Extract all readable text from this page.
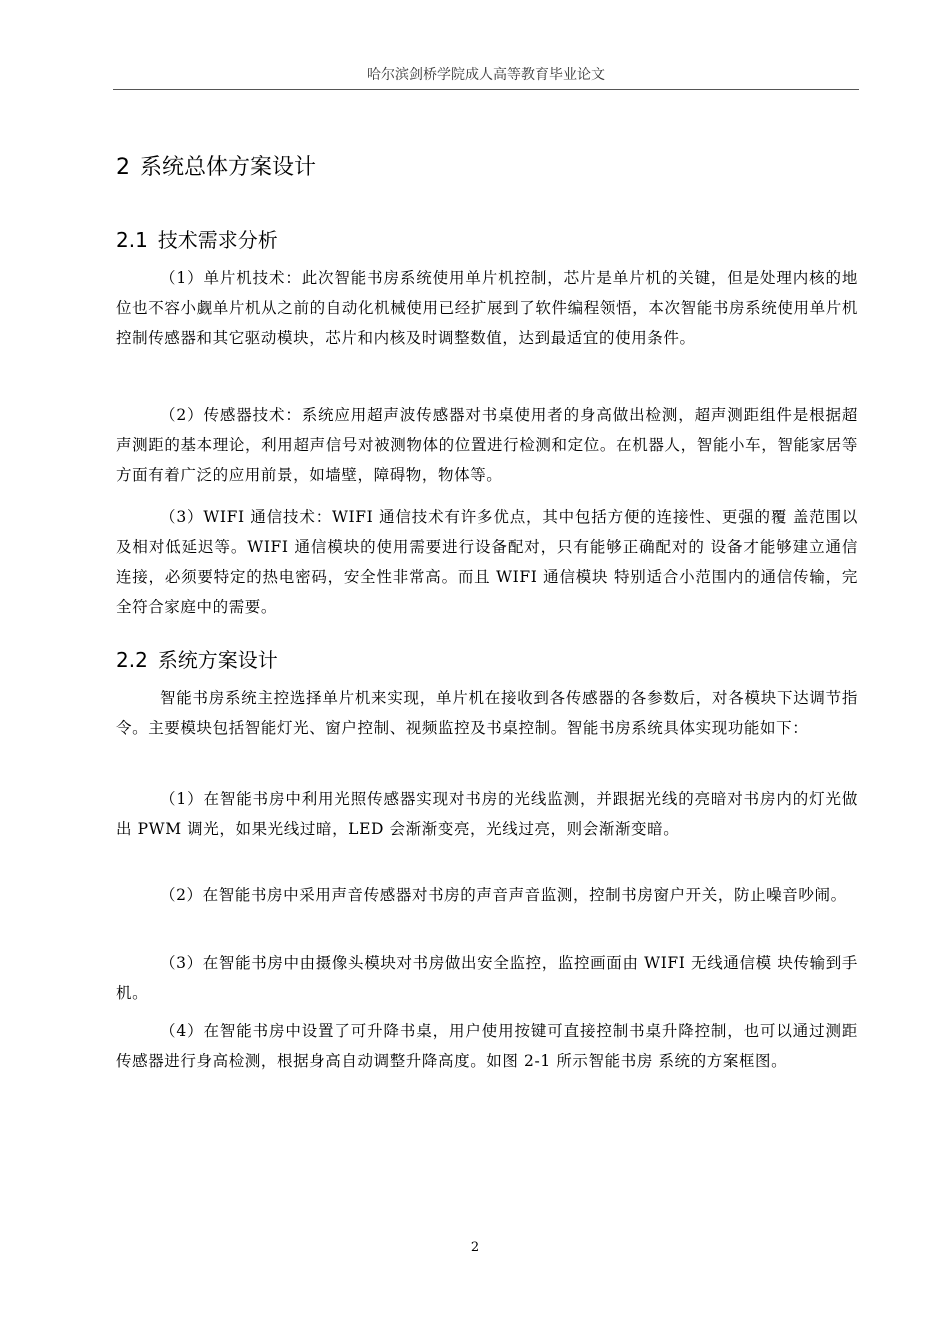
哈尔滨剑桥学院成人高等教育毕业论文
2 系统总体方案设计
2.1 技术需求分析
（1）单片机技术：此次智能书房系统使用单片机控制，芯片是单片机的关键，但是处理内核的地位也不容小觑单片机从之前的自动化机械使用已经扩展到了软件编程领悟，本次智能书房系统使用单片机控制传感器和其它驱动模块，芯片和内核及时调整数值，达到最适宜的使用条件。
（2）传感器技术：系统应用超声波传感器对书桌使用者的身高做出检测，超声测距组件是根据超声测距的基本理论，利用超声信号对被测物体的位置进行检测和定位。在机器人，智能小车，智能家居等方面有着广泛的应用前景，如墙壁，障碍物，物体等。
（3）WIFI 通信技术：WIFI 通信技术有许多优点，其中包括方便的连接性、更强的覆 盖范围以及相对低延迟等。WIFI 通信模块的使用需要进行设备配对，只有能够正确配对的 设备才能够建立通信连接，必须要特定的热电密码，安全性非常高。而且 WIFI 通信模块 特别适合小范围内的通信传输，完全符合家庭中的需要。
2.2 系统方案设计
智能书房系统主控选择单片机来实现，单片机在接收到各传感器的各参数后，对各模块下达调节指令。主要模块包括智能灯光、窗户控制、视频监控及书桌控制。智能书房系统具体实现功能如下：
（1）在智能书房中利用光照传感器实现对书房的光线监测，并跟据光线的亮暗对书房内的灯光做出 PWM 调光，如果光线过暗，LED 会渐渐变亮，光线过亮，则会渐渐变暗。
（2）在智能书房中采用声音传感器对书房的声音声音监测，控制书房窗户开关，防止噪音吵闹。
（3）在智能书房中由摄像头模块对书房做出安全监控，监控画面由 WIFI 无线通信模 块传输到手机。
（4）在智能书房中设置了可升降书桌，用户使用按键可直接控制书桌升降控制，也可以通过测距传感器进行身高检测，根据身高自动调整升降高度。如图 2-1 所示智能书房 系统的方案框图。
2
